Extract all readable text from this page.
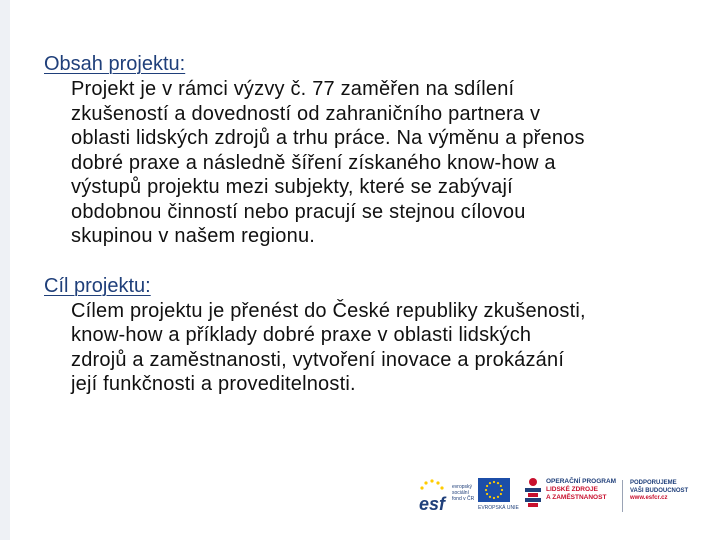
Obsah projektu:

Projekt je v rámci výzvy č. 77 zaměřen na sdílení
zkušeností a dovedností od zahraničního partnera v
oblasti lidských zdrojů a trhu práce. Na výměnu a přenos
dobré praxe a následně šíření získaného know-how a
výstupů projektu mezi subjekty, které se zabývají
obdobnou činností nebo pracují se stejnou cílovou
skupinou v našem regionu.

Cíl projektu:

Cílem projektu je přenést do České republiky zkušenosti,
know-how a příklady dobré praxe v oblasti lidských
zdrojů a zaměstnanosti, vytvoření inovace a prokázání
její funkčnosti a proveditelnosti.

esf
evropský
sociální
fond v ČR
EVROPSKÁ UNIE
OPERAČNÍ PROGRAM
LIDSKÉ ZDROJE
A ZAMĚSTNANOST
PODPORUJEME
VAŠI BUDOUCNOST
www.esfcr.cz
